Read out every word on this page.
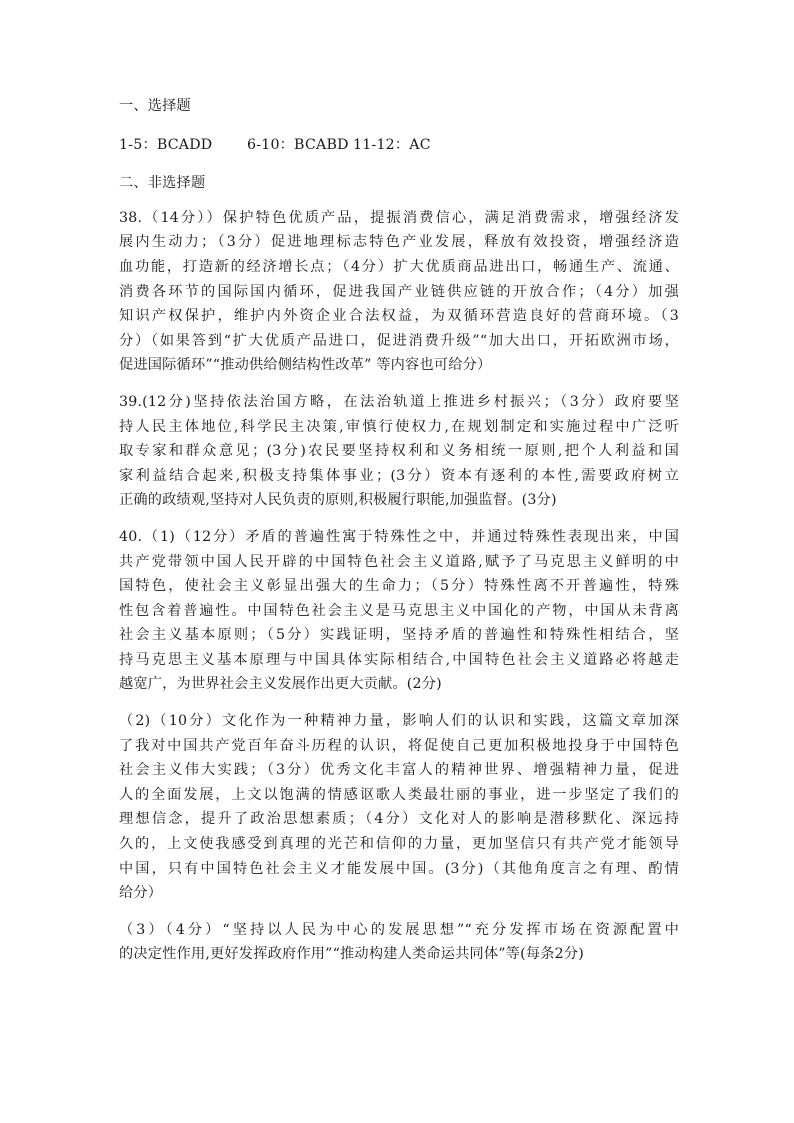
一、选择题
1-5：BCADD 6-10：BCABD 11-12：AC
二、非选择题
38.（14分））保护特色优质产品，提振消费信心，满足消费需求，增强经济发
展内生动力；（3分）促进地理标志特色产业发展，释放有效投资，增强经济造
血功能，打造新的经济增长点；（4分）扩大优质商品进出口，畅通生产、流通、
消费各环节的国际国内循环，促进我国产业链供应链的开放合作；（4分）加强
知识产权保护，维护内外资企业合法权益，为双循环营造良好的营商环境。（3
分）（如果答到“扩大优质产品进口，促进消费升级”“加大出口，开拓欧洲市场，
促进国际循环”“推动供给侧结构性改革” 等内容也可给分）
39.(12分)坚持依法治国方略，在法治轨道上推进乡村振兴；（3分）政府要坚
持人民主体地位,科学民主决策,审慎行使权力,在规划制定和实施过程中广泛听
取专家和群众意见；(3分)农民要坚持权利和义务相统一原则,把个人利益和国
家利益结合起来,积极支持集体事业；(3分）资本有逐利的本性,需要政府树立
正确的政绩观,坚持对人民负责的原则,积极履行职能,加强监督。(3分)
40.（1)（12分）矛盾的普遍性寓于特殊性之中，并通过特殊性表现出来，中国
共产党带领中国人民开辟的中国特色社会主义道路,赋予了马克思主义鲜明的中
国特色，使社会主义彰显出强大的生命力；（5分）特殊性离不开普遍性，特殊
性包含着普遍性。中国特色社会主义是马克思主义中国化的产物，中国从未背离
社会主义基本原则；（5分）实践证明，坚持矛盾的普遍性和特殊性相结合，坚
持马克思主义基本原理与中国具体实际相结合,中国特色社会主义道路必将越走
越宽广，为世界社会主义发展作出更大贡献。(2分)
（2)（10分）文化作为一种精神力量，影响人们的认识和实践，这篇文章加深
了我对中国共产党百年奋斗历程的认识，将促使自己更加积极地投身于中国特色
社会主义伟大实践；（3分）优秀文化丰富人的精神世界、增强精神力量，促进
人的全面发展，上文以饱满的情感讴歌人类最壮丽的事业，进一步坚定了我们的
理想信念，提升了政治思想素质；（4分）文化对人的影响是潜移默化、深远持
久的，上文使我感受到真理的光芒和信仰的力量，更加坚信只有共产党才能领导
中国，只有中国特色社会主义才能发展中国。(3分)（其他角度言之有理、酌情
给分）
（3）（4分）“坚持以人民为中心的发展思想”“充分发挥市场在资源配置中
的决定性作用,更好发挥政府作用”“推动构建人类命运共同体”等(每条2分)
